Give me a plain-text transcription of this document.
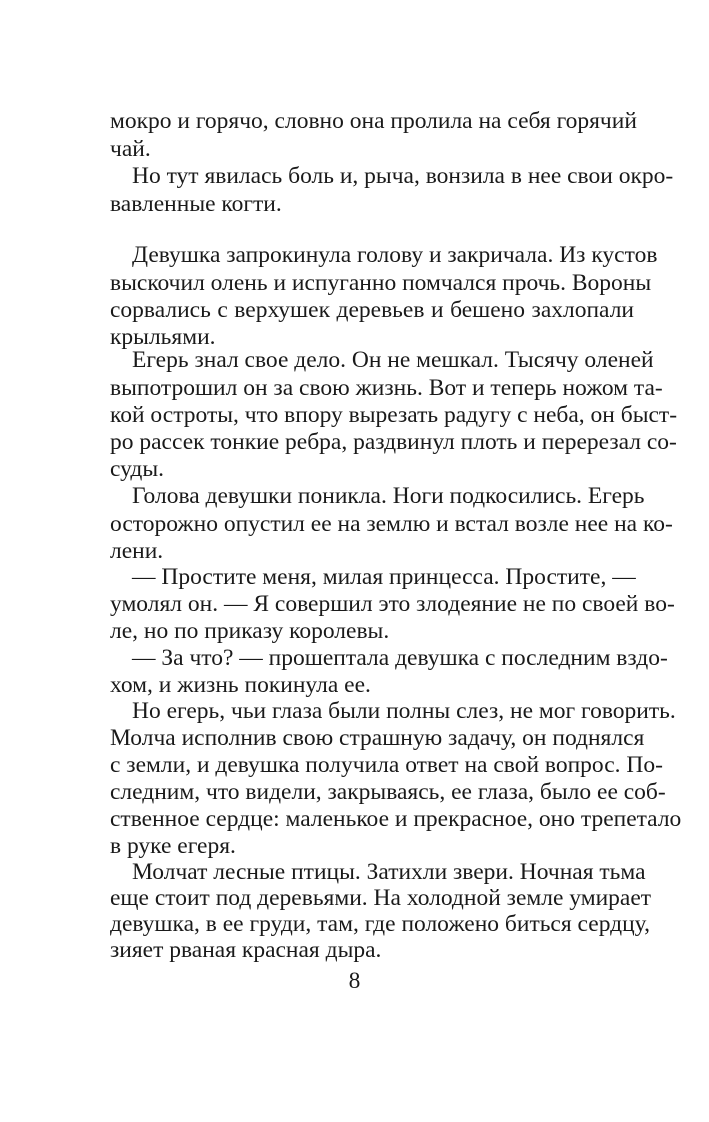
мокро и горячо, словно она пролила на себя горячий
чай.
Но тут явилась боль и, рыча, вонзила в нее свои окро-
вавленные когти.
Девушка запрокинула голову и закричала. Из кустов
выскочил олень и испуганно помчался прочь. Вороны
сорвались с верхушек деревьев и бешено захлопали
крыльями.
Егерь знал свое дело. Он не мешкал. Тысячу оленей
выпотрошил он за свою жизнь. Вот и теперь ножом та-
кой остроты, что впору вырезать радугу с неба, он быст-
ро рассек тонкие ребра, раздвинул плоть и перерезал со-
суды.
Голова девушки поникла. Ноги подкосились. Егерь
осторожно опустил ее на землю и встал возле нее на ко-
лени.
— Простите меня, милая принцесса. Простите, —
умолял он. — Я совершил это злодеяние не по своей во-
ле, но по приказу королевы.
— За что? — прошептала девушка с последним вздо-
хом, и жизнь покинула ее.
Но егерь, чьи глаза были полны слез, не мог говорить.
Молча исполнив свою страшную задачу, он поднялся
с земли, и девушка получила ответ на свой вопрос. По-
следним, что видели, закрываясь, ее глаза, было ее соб-
ственное сердце: маленькое и прекрасное, оно трепетало
в руке егеря.
Молчат лесные птицы. Затихли звери. Ночная тьма
еще стоит под деревьями. На холодной земле умирает
девушка, в ее груди, там, где положено биться сердцу,
зияет рваная красная дыра.
8
